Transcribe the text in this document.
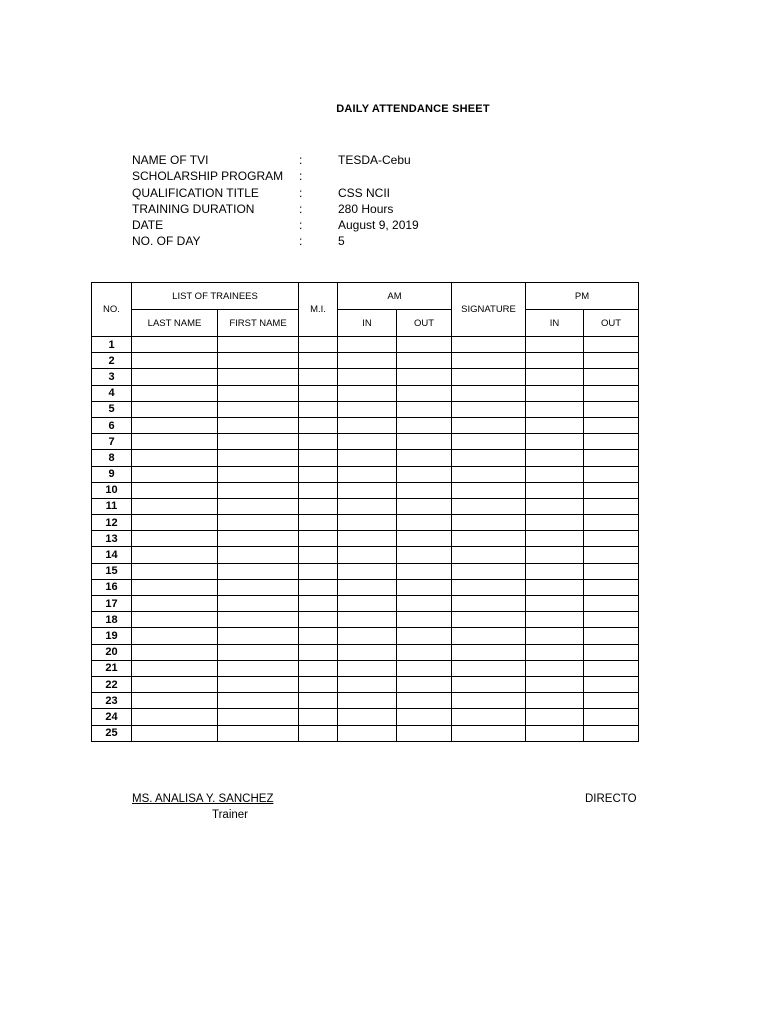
DAILY ATTENDANCE SHEET
NAME OF TVI	:	TESDA-Cebu
SCHOLARSHIP PROGRAM :
QUALIFICATION TITLE	:	CSS NCII
TRAINING DURATION	:	280 Hours
DATE	:	August 9, 2019
NO. OF DAY	:	5
NO.	LIST OF TRAINEES		M.I.	AM		SIGNATURE	PM	
	LAST NAME	FIRST NAME		IN	OUT		IN	OUT
1								
2								
3								
4								
5								
6								
7								
8								
9								
10								
11								
12								
13								
14								
15								
16								
17								
18								
19								
20								
21								
22								
23								
24								
25								
MS. ANALISA Y. SANCHEZ
Trainer
DIRECTO
